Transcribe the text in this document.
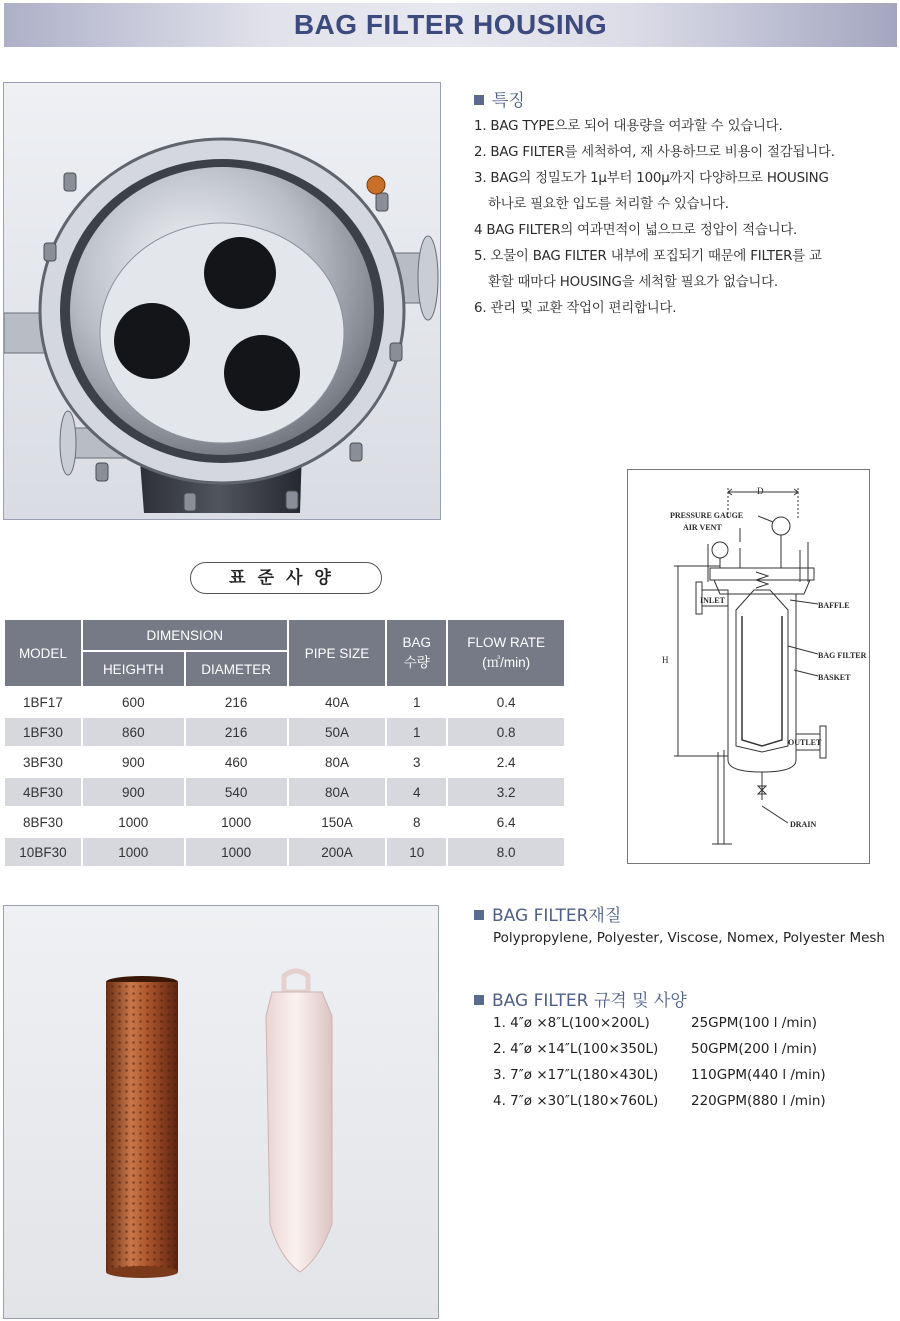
BAG FILTER HOUSING
특징
1. BAG TYPE으로 되어 대용량을 여과할 수 있습니다.
2. BAG FILTER를 세척하여, 재 사용하므로 비용이 절감됩니다.
3. BAG의 정밀도가 1μ부터 100μ까지 다양하므로 HOUSING
하나로 필요한 입도를 처리할 수 있습니다.
4 BAG FILTER의 여과면적이 넓으므로 정압이 적습니다.
5. 오물이 BAG FILTER 내부에 포집되기 때문에 FILTER를 교
환할 때마다 HOUSING을 세척할 필요가 없습니다.
6. 관리 및 교환 작업이 편리합니다.
표준사양
MODEL	DIMENSION		PIPE SIZE	BAG
수량	FLOW RATE
(㎥/min)
	HEIGHTH	DIAMETER			
1BF17	600	216	40A	1	0.4
1BF30	860	216	50A	1	0.8
3BF30	900	460	80A	3	2.4
4BF30	900	540	80A	4	3.2
8BF30	1000	1000	150A	8	6.4
10BF30	1000	1000	200A	10	8.0
D
H
PRESSURE GAUGE
AIR VENT
INLET
BAFFLE
BAG FILTER
BASKET
OUTLET
DRAIN
BAG FILTER재질
Polypropylene, Polyester, Viscose, Nomex, Polyester Mesh
BAG FILTER 규격 및 사양
1. 4″ø ×8″L(100×200L)	25GPM(100 l /min)
2. 4″ø ×14″L(100×350L) 50GPM(200 l /min)
3. 7″ø ×17″L(180×430L) 110GPM(440 l /min)
4. 7″ø ×30″L(180×760L) 220GPM(880 l /min)
